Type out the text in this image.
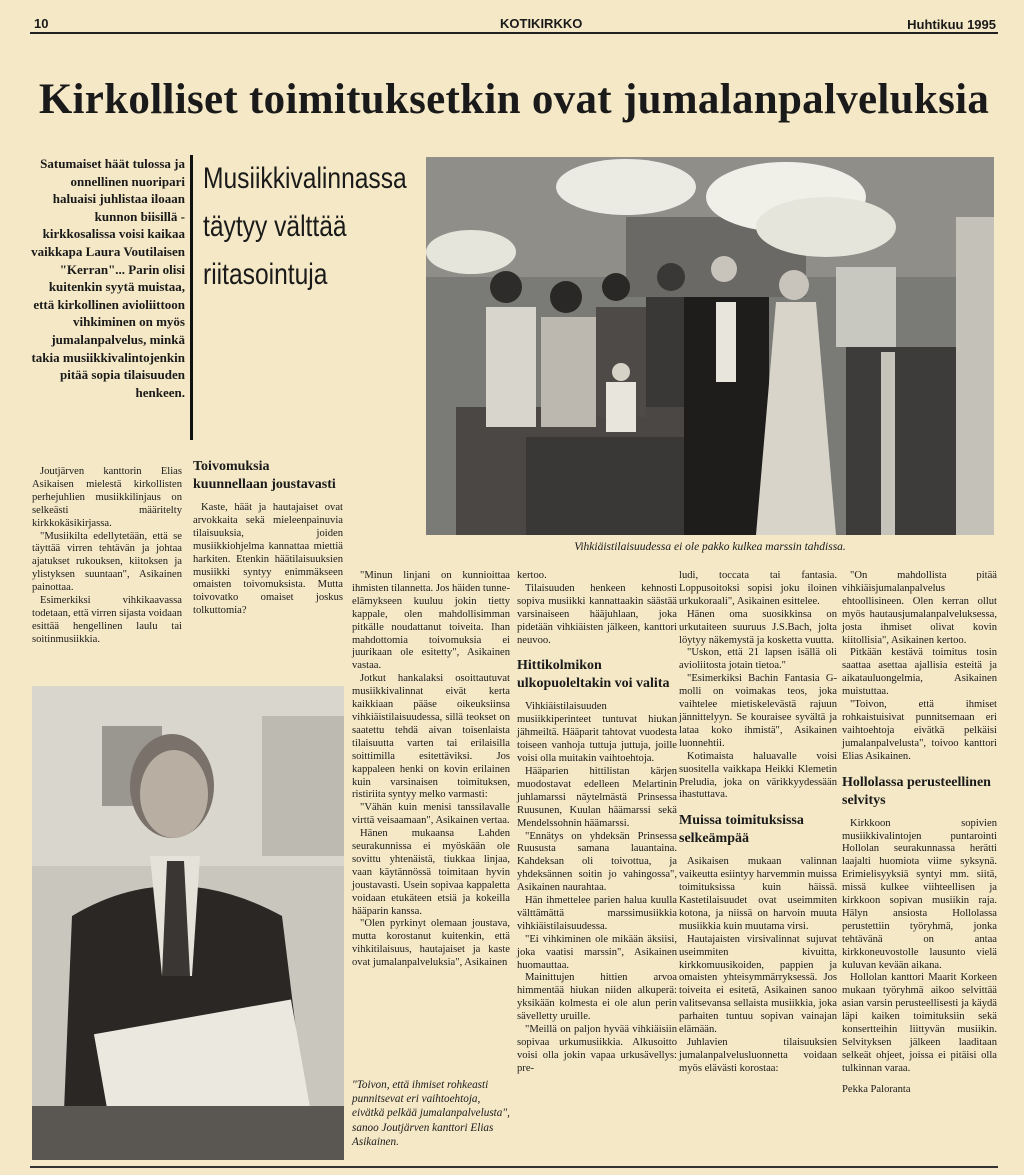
10	KOTIKIRKKO	Huhtikuu 1995
Kirkolliset toimituksetkin ovat jumalanpalveluksia
Satumaiset häät tulossa ja onnellinen nuoripari haluaisi juhlistaa iloaan kunnon biisillä - kirkkosalissa voisi kaikaa vaikkapa Laura Voutilaisen "Kerran"... Parin olisi kuitenkin syytä muistaa, että kirkollinen avioliittoon vihkiminen on myös jumalanpalvelus, minkä takia musiikkivalintojenkin pitää sopia tilaisuuden henkeen.
Musiikkivalinnassa täytyy välttää riitasointuja
Vihkiäistilaisuudessa ei ole pakko kulkea marssin tahdissa.

Joutjärven kanttorin Elias Asikaisen mielestä kirkollisten perhejuhlien musiikkilinjaus on selkeästi määritelty kirkkokäsikirjassa.

"Musiikilta edellytetään, että se täyttää virren tehtävän ja johtaa ajatukset rukouksen, kiitoksen ja ylistyksen suuntaan", Asikainen painottaa.

Esimerkiksi vihkikaavassa todetaan, että virren sijasta voidaan esittää hengellinen laulu tai soitinmusiikkia.

Toivomuksia kuunnellaan joustavasti

Kaste, häät ja hautajaiset ovat arvokkaita sekä mieleenpainuvia tilaisuuksia, joiden musiikkiohjelma kannattaa miettiä harkiten. Etenkin häätilaisuuksien musiikki syntyy enimmäkseen omaisten toivomuksista. Mutta toivovatko omaiset joskus tolkuttomia?

"Minun linjani on kunnioittaa ihmisten tilannetta. Jos häiden tunne-elämykseen kuuluu jokin tietty kappale, olen mahdollisimman pitkälle noudattanut toiveita. Ihan mahdottomia toivomuksia ei juurikaan ole esitetty", Asikainen vastaa.

Jotkut hankalaksi osoittautuvat musiikkivalinnat eivät kerta kaikkiaan pääse oikeuksiinsa vihkiäistilaisuudessa, sillä teokset on saatettu tehdä aivan toisenlaista tilaisuutta varten tai erilaisilla soittimilla esitettäviksi. Jos kappaleen henki on kovin erilainen kuin varsinaisen toimituksen, ristiriita syntyy melko varmasti:

"Vähän kuin menisi tanssilavalle virttä veisaamaan", Asikainen vertaa.

Hänen mukaansa Lahden seurakunnissa ei myöskään ole sovittu yhtenäistä, tiukkaa linjaa, vaan käytännössä toimitaan hyvin joustavasti. Usein sopivaa kappaletta voidaan etukäteen etsiä ja kokeilla hääparin kanssa.

"Olen pyrkinyt olemaan joustava, mutta korostanut kuitenkin, että vihkitilaisuus, hautajaiset ja kaste ovat jumalanpalveluksia", Asikainen

"Toivon, että ihmiset rohkeasti punnitsevat eri vaihtoehtoja, eivätkä pelkää jumalanpalvelusta", sanoo Joutjärven kanttori Elias Asikainen.

kertoo.

Tilaisuuden henkeen kehnosti sopiva musiikki kannattaakin säästää varsinaiseen hääjuhlaan, joka pidetään vihkiäisten jälkeen, kanttori neuvoo.

Hittikolmikon ulkopuoleltakin voi valita

Vihkiäistilaisuuden musiikkiperinteet tuntuvat hiukan jähmeiltä. Hääparit tahtovat vuodesta toiseen vanhoja tuttuja juttuja, joille voisi olla muitakin vaihtoehtoja.

Hääparien hittilistan kärjen muodostavat edelleen Melartinin juhlamarssi näytelmästä Prinsessa Ruusunen, Kuulan häämarssi sekä Mendelssohnin häämarssi.

"Ennätys on yhdeksän Prinsessa Ruususta samana lauantaina. Kahdeksan oli toivottua, ja yhdeksännen soitin jo vahingossa", Asikainen naurahtaa.

Hän ihmettelee parien halua kuulla välttämättä marssimusiikkia vihkiäistilaisuudessa.

"Ei vihkiminen ole mikään äksiisi, joka vaatisi marssin", Asikainen huomauttaa.

Mainittujen hittien arvoa himmentää hiukan niiden alkuperä: yksikään kolmesta ei ole alun perin sävelletty uruille.

"Meillä on paljon hyvää vihkiäisiin sopivaa urkumusiikkia. Alkusoitto voisi olla jokin vapaa urkusävellys: pre-

ludi, toccata tai fantasia. Loppusoitoksi sopisi joku iloinen urkukoraali", Asikainen esittelee.

Hänen oma suosikkinsa on urkutaiteen suuruus J.S.Bach, jolta löytyy näkemystä ja kosketta vuutta.

"Uskon, että 21 lapsen isällä oli avioliitosta jotain tietoa."

"Esimerkiksi Bachin Fantasia G-molli on voimakas teos, joka vaihtelee mietiskelevästä rajuun jännittelyyn. Se kouraisee syvältä ja lataa koko ihmistä", Asikainen luonnehtii.

Kotimaista haluavalle voisi suositella vaikkapa Heikki Klemetin Preludia, joka on värikkyydessään ihastuttava.

Muissa toimituksissa selkeämpää

Asikaisen mukaan valinnan vaikeutta esiintyy harvemmin muissa toimituksissa kuin häissä. Kastetilaisuudet ovat useimmiten kotona, ja niissä on harvoin muuta musiikkia kuin muutama virsi.

Hautajaisten virsivalinnat sujuvat useimmiten kivuitta, kirkkomuusikoiden, pappien ja omaisten yhteisymmärryksessä. Jos toiveita ei esitetä, Asikainen sanoo valitsevansa sellaista musiikkia, joka parhaiten tuntuu sopivan vainajan elämään.

Juhlavien tilaisuuksien jumalanpalvelusluonnetta voidaan myös elävästi korostaa:

"On mahdollista pitää vihkiäisjumalanpalvelus ehtoollisineen. Olen kerran ollut myös hautausjumalanpalveluksessa, josta ihmiset olivat kovin kiitollisia", Asikainen kertoo.

Pitkään kestävä toimitus tosin saattaa asettaa ajallisia esteitä ja aikatauluongelmia, Asikainen muistuttaa.

"Toivon, että ihmiset rohkaistuisivat punnitsemaan eri vaihtoehtoja eivätkä pelkäisi jumalanpalvelusta", toivoo kanttori Elias Asikainen.

Hollolassa perusteellinen selvitys

Kirkkoon sopivien musiikkivalintojen puntarointi Hollolan seurakunnassa herätti laajalti huomiota viime syksynä. Erimielisyyksiä syntyi mm. siitä, missä kulkee viihteellisen ja kirkkoon sopivan musiikin raja. Hälyn ansiosta Hollolassa perustettiin työryhmä, jonka tehtävänä on antaa kirkkoneuvostolle lausunto vielä kuluvan kevään aikana.

Hollolan kanttori Maarit Korkeen mukaan työryhmä aikoo selvittää asian varsin perusteellisesti ja käydä läpi kaiken toimituksiin sekä konsertteihin liittyvän musiikin. Selvityksen jälkeen laaditaan selkeät ohjeet, joissa ei pitäisi olla tulkinnan varaa.

Pekka Paloranta
